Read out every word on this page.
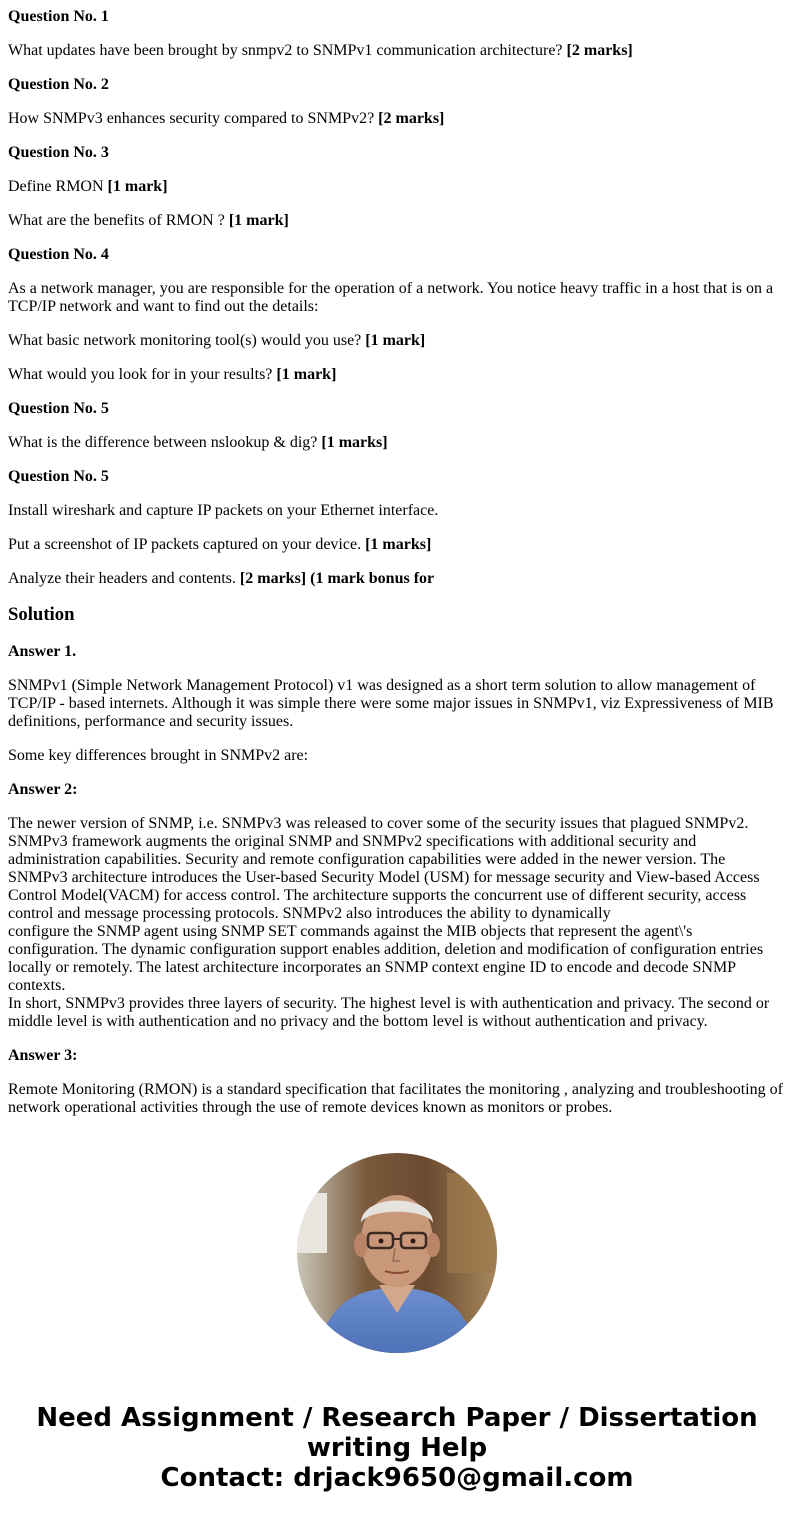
Question No. 1

What updates have been brought by snmpv2 to SNMPv1 communication architecture? [2 marks]

Question No. 2

How SNMPv3 enhances security compared to SNMPv2? [2 marks]

Question No. 3

Define RMON [1 mark]

What are the benefits of RMON ? [1 mark]

Question No. 4

As a network manager, you are responsible for the operation of a network. You notice heavy traffic in a host that is on a TCP/IP network and want to find out the details:

What basic network monitoring tool(s) would you use? [1 mark]

What would you look for in your results? [1 mark]

Question No. 5

What is the difference between nslookup & dig? [1 marks]

Question No. 5

Install wireshark and capture IP packets on your Ethernet interface.

Put a screenshot of IP packets captured on your device. [1 marks]

Analyze their headers and contents. [2 marks] (1 mark bonus for

Solution

Answer 1.

SNMPv1 (Simple Network Management Protocol) v1 was designed as a short term solution to allow management of TCP/IP - based internets. Although it was simple there were some major issues in SNMPv1, viz Expressiveness of MIB definitions, performance and security issues.

Some key differences brought in SNMPv2 are:

Answer 2:

The newer version of SNMP, i.e. SNMPv3 was released to cover some of the security issues that plagued SNMPv2. SNMPv3 framework augments the original SNMP and SNMPv2 specifications with additional security and administration capabilities. Security and remote configuration capabilities were added in the newer version. The SNMPv3 architecture introduces the User-based Security Model (USM) for message security and View-based Access Control Model(VACM) for access control. The architecture supports the concurrent use of different security, access control and message processing protocols. SNMPv2 also introduces the ability to dynamically
configure the SNMP agent using SNMP SET commands against the MIB objects that represent the agent\'s configuration. The dynamic configuration support enables addition, deletion and modification of configuration entries locally or remotely. The latest architecture incorporates an SNMP context engine ID to encode and decode SNMP contexts.
In short, SNMPv3 provides three layers of security. The highest level is with authentication and privacy. The second or middle level is with authentication and no privacy and the bottom level is without authentication and privacy.

Answer 3:

Remote Monitoring (RMON) is a standard specification that facilitates the monitoring , analyzing and troubleshooting of network operational activities through the use of remote devices known as monitors or probes.

Need Assignment / Research Paper / Dissertation
writing Help
Contact: drjack9650@gmail.com
